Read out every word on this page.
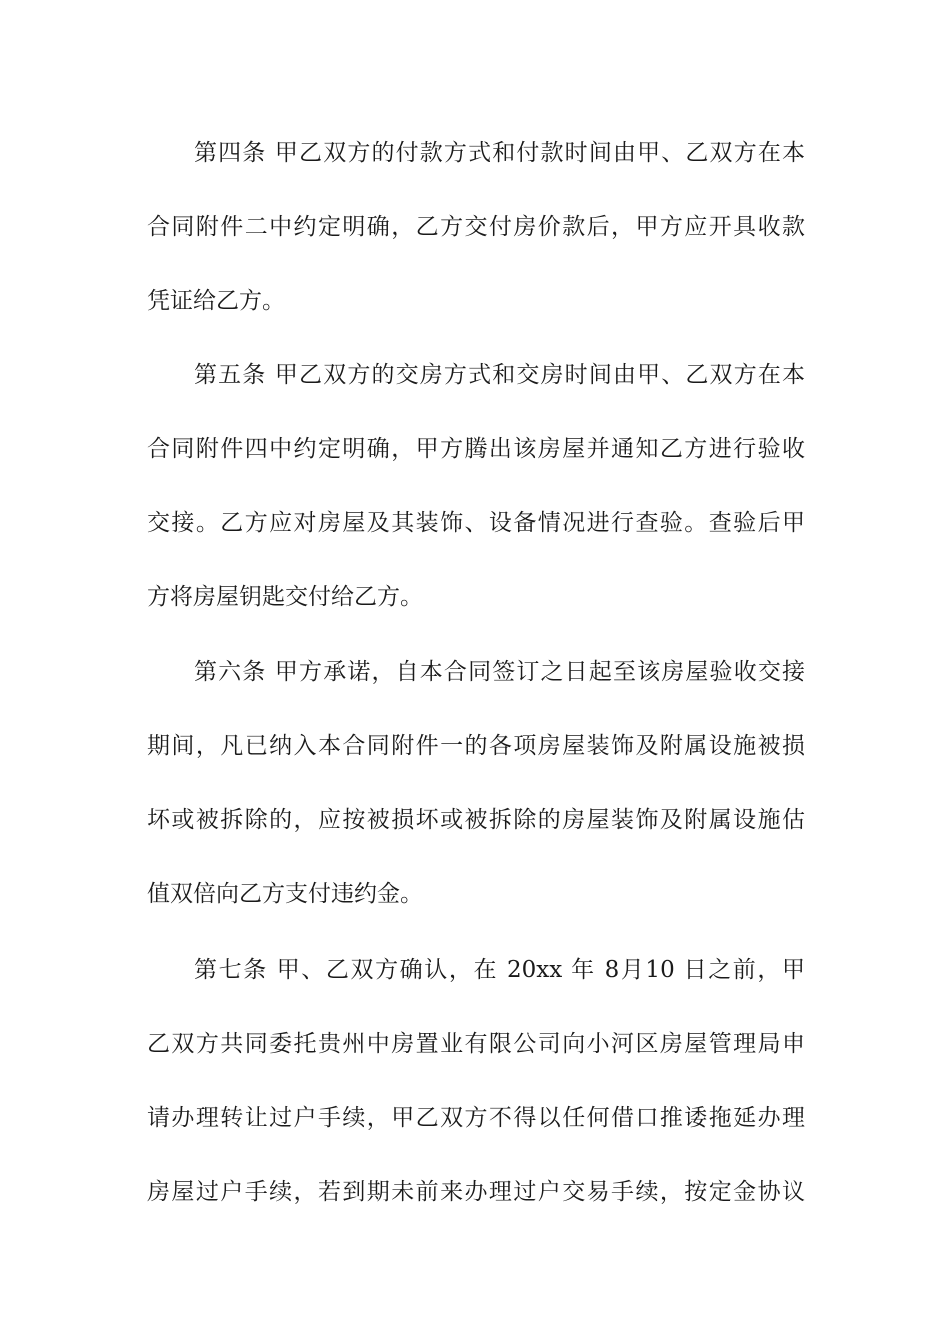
第四条 甲乙双方的付款方式和付款时间由甲、乙双方在本
合同附件二中约定明确，乙方交付房价款后，甲方应开具收款
凭证给乙方。
第五条 甲乙双方的交房方式和交房时间由甲、乙双方在本
合同附件四中约定明确，甲方腾出该房屋并通知乙方进行验收
交接。乙方应对房屋及其装饰、设备情况进行查验。查验后甲
方将房屋钥匙交付给乙方。
第六条 甲方承诺，自本合同签订之日起至该房屋验收交接
期间，凡已纳入本合同附件一的各项房屋装饰及附属设施被损
坏或被拆除的，应按被损坏或被拆除的房屋装饰及附属设施估
值双倍向乙方支付违约金。
第七条 甲、乙双方确认，在 20xx 年 8月10 日之前，甲
乙双方共同委托贵州中房置业有限公司向小河区房屋管理局申
请办理转让过户手续，甲乙双方不得以任何借口推诿拖延办理
房屋过户手续，若到期未前来办理过户交易手续，按定金协议
